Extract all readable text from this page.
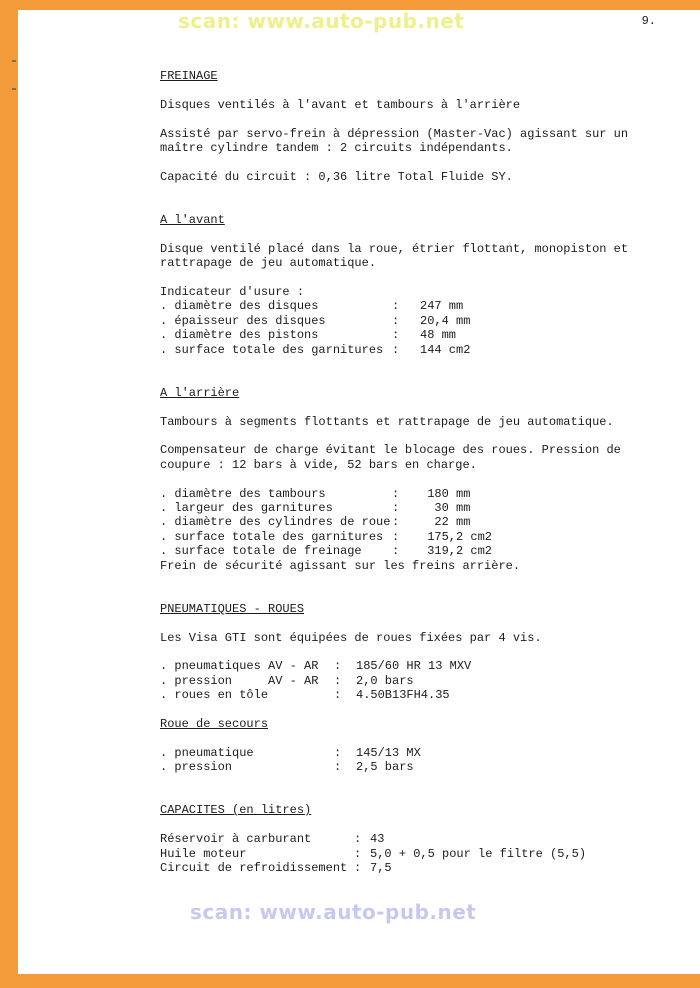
scan: www.auto-pub.net	9.
FREINAGE
Disques ventilés à l'avant et tambours à l'arrière
Assisté par servo-frein à dépression (Master-Vac) agissant sur un
maître cylindre tandem : 2 circuits indépendants.
Capacité du circuit : 0,36 litre Total Fluide SY.
A l'avant
Disque ventilé placé dans la roue, étrier flottant, monopiston et
rattrapage de jeu automatique.
Indicateur d'usure :
. diamètre des disques	:	247 mm
. épaisseur des disques	:	20,4 mm
. diamètre des pistons	:	48 mm
. surface totale des garnitures :	144 cm2
A l'arrière
Tambours à segments flottants et rattrapage de jeu automatique.
Compensateur de charge évitant le blocage des roues. Pression de
coupure : 12 bars à vide, 52 bars en charge.
. diamètre des tambours	:	180 mm
. largeur des garnitures	:	30 mm
. diamètre des cylindres de roue :	22 mm
. surface totale des garnitures :	175,2 cm2
. surface totale de freinage	:	319,2 cm2
Frein de sécurité agissant sur les freins arrière.
PNEUMATIQUES - ROUES
Les Visa GTI sont équipées de roues fixées par 4 vis.
. pneumatiques AV - AR	:	185/60 HR 13 MXV
. pression     AV - AR	:	2,0 bars
. roues en tôle	:	4.50B13FH4.35
Roue de secours
. pneumatique	:	145/13 MX
. pression	:	2,5 bars
CAPACITES (en litres)
Réservoir à carburant	: 43
Huile moteur	: 5,0 + 0,5 pour le filtre (5,5)
Circuit de refroidissement : 7,5
scan: www.auto-pub.net
